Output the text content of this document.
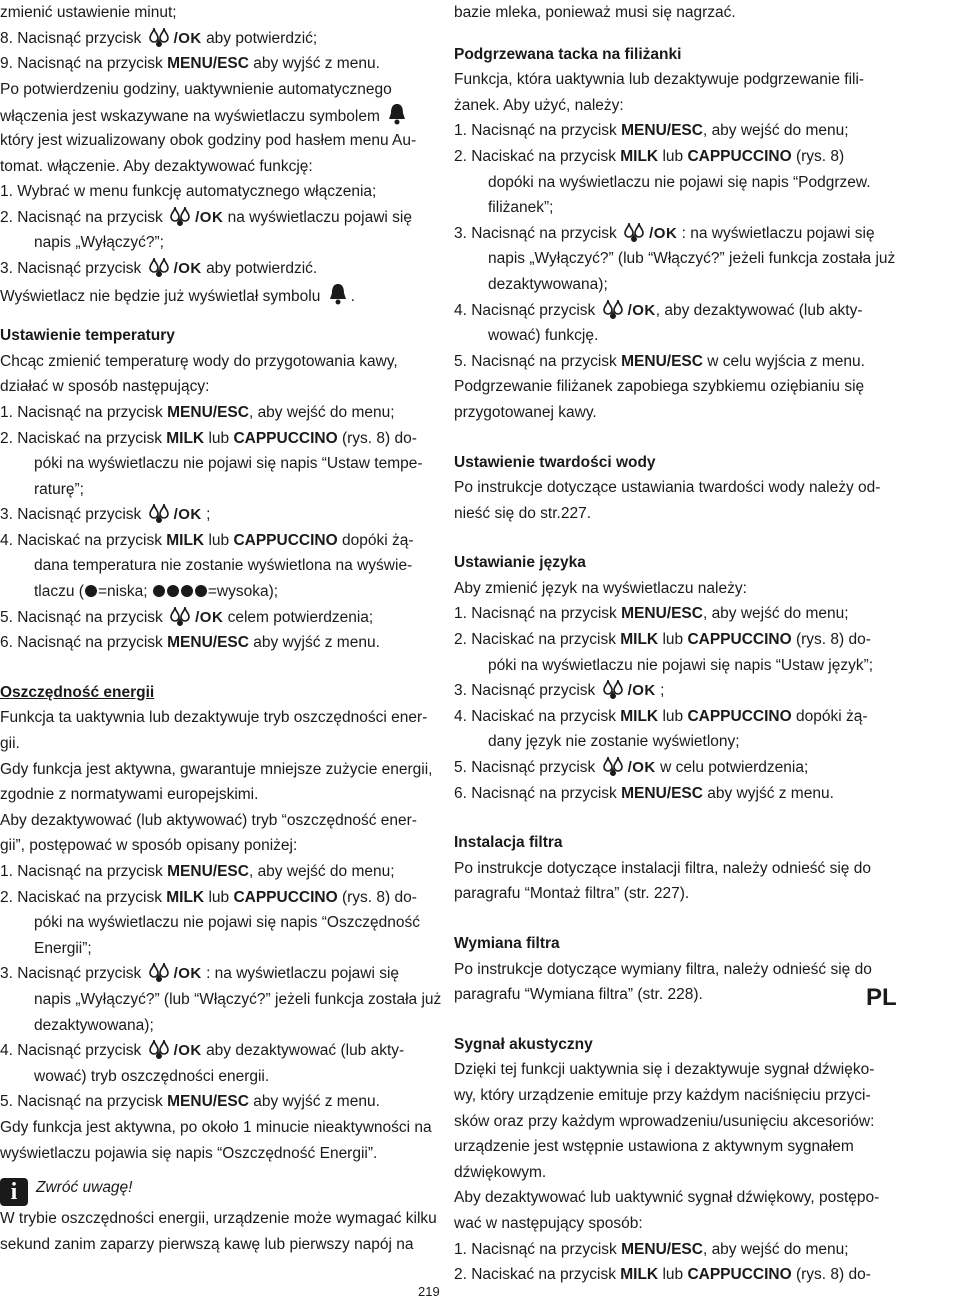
zmienić ustawienie minut;
8. Nacisnąć przycisk /OK aby potwierdzić;
9. Nacisnąć na przycisk MENU/ESC aby wyjść z menu.
Po potwierdzeniu godziny, uaktywnienie automatycznego
włączenia jest wskazywane na wyświetlaczu symbolem
który jest wizualizowany obok godziny pod hasłem menu Au-
tomat. włączenie. Aby dezaktywować funkcję:
1. Wybrać w menu funkcję automatycznego włączenia;
2. Nacisnąć na przycisk /OK na wyświetlaczu pojawi się
napis „Wyłączyć?”;
3. Nacisnąć przycisk /OK aby potwierdzić.
Wyświetlacz nie będzie już wyświetlał symbolu .
Ustawienie temperatury
Chcąc zmienić temperaturę wody do przygotowania kawy,
działać w sposób następujący:
1. Nacisnąć na przycisk MENU/ESC, aby wejść do menu;
2. Naciskać na przycisk MILK lub CAPPUCCINO (rys. 8) do-
póki na wyświetlaczu nie pojawi się napis “Ustaw tempe-
raturę”;
3. Nacisnąć przycisk /OK ;
4. Naciskać na przycisk MILK lub CAPPUCCINO dopóki żą-
dana temperatura nie zostanie wyświetlona na wyświe-
tlaczu ( =niska;	=wysoka);
5. Nacisnąć na przycisk /OK celem potwierdzenia;
6. Nacisnąć na przycisk MENU/ESC aby wyjść z menu.
Oszczędność energii
Funkcja ta uaktywnia lub dezaktywuje tryb oszczędności ener-
gii.
Gdy funkcja jest aktywna, gwarantuje mniejsze zużycie energii,
zgodnie z normatywami europejskimi.
Aby dezaktywować (lub aktywować) tryb “oszczędność ener-
gii”, postępować w sposób opisany poniżej:
1. Nacisnąć na przycisk MENU/ESC, aby wejść do menu;
2. Naciskać na przycisk MILK lub CAPPUCCINO (rys. 8) do-
póki na wyświetlaczu nie pojawi się napis “Oszczędność
Energii”;
3. Nacisnąć przycisk /OK : na wyświetlaczu pojawi się
napis „Wyłączyć?” (lub “Włączyć?” jeżeli funkcja została już
dezaktywowana);
4. Nacisnąć przycisk /OK aby dezaktywować (lub akty-
wować) tryb oszczędności energii.
5. Nacisnąć na przycisk MENU/ESC aby wyjść z menu.
Gdy funkcja jest aktywna, po około 1 minucie nieaktywności na
wyświetlaczu pojawia się napis “Oszczędność Energii”.
i Zwróć uwagę!
W trybie oszczędności energii, urządzenie może wymagać kilku
sekund zanim zaparzy pierwszą kawę lub pierwszy napój na
bazie mleka, ponieważ musi się nagrzać.
Podgrzewana tacka na filiżanki
Funkcja, która uaktywnia lub dezaktywuje podgrzewanie fili-
żanek. Aby użyć, należy:
1. Nacisnąć na przycisk MENU/ESC, aby wejść do menu;
2. Naciskać na przycisk MILK lub CAPPUCCINO (rys. 8)
dopóki na wyświetlaczu nie pojawi się napis “Podgrzew.
filiżanek”;
3. Nacisnąć na przycisk /OK : na wyświetlaczu pojawi się
napis „Wyłączyć?” (lub “Włączyć?” jeżeli funkcja została już
dezaktywowana);
4. Nacisnąć przycisk /OK, aby dezaktywować (lub akty-
wować) funkcję.
5. Nacisnąć na przycisk MENU/ESC w celu wyjścia z menu.
Podgrzewanie filiżanek zapobiega szybkiemu oziębianiu się
przygotowanej kawy.
Ustawienie twardości wody
Po instrukcje dotyczące ustawiania twardości wody należy od-
nieść się do str.227.
Ustawianie języka
Aby zmienić język na wyświetlaczu należy:
1. Nacisnąć na przycisk MENU/ESC, aby wejść do menu;
2. Naciskać na przycisk MILK lub CAPPUCCINO (rys. 8) do-
póki na wyświetlaczu nie pojawi się napis “Ustaw język”;
3. Nacisnąć przycisk /OK ;
4. Naciskać na przycisk MILK lub CAPPUCCINO dopóki żą-
dany język nie zostanie wyświetlony;
5. Nacisnąć przycisk /OK w celu potwierdzenia;
6. Nacisnąć na przycisk MENU/ESC aby wyjść z menu.
Instalacja filtra
Po instrukcje dotyczące instalacji filtra, należy odnieść się do
paragrafu “Montaż filtra” (str. 227).
Wymiana filtra
Po instrukcje dotyczące wymiany filtra, należy odnieść się do
paragrafu “Wymiana filtra” (str. 228).
Sygnał akustyczny
Dzięki tej funkcji uaktywnia się i dezaktywuje sygnał dźwięko-
wy, który urządzenie emituje przy każdym naciśnięciu przyci-
sków oraz przy każdym wprowadzeniu/usunięciu akcesoriów:
urządzenie jest wstępnie ustawiona z aktywnym sygnałem
dźwiękowym.
Aby dezaktywować lub uaktywnić sygnał dźwiękowy, postępo-
wać w następujący sposób:
1. Nacisnąć na przycisk MENU/ESC, aby wejść do menu;
2. Naciskać na przycisk MILK lub CAPPUCCINO (rys. 8) do-
PL
219
